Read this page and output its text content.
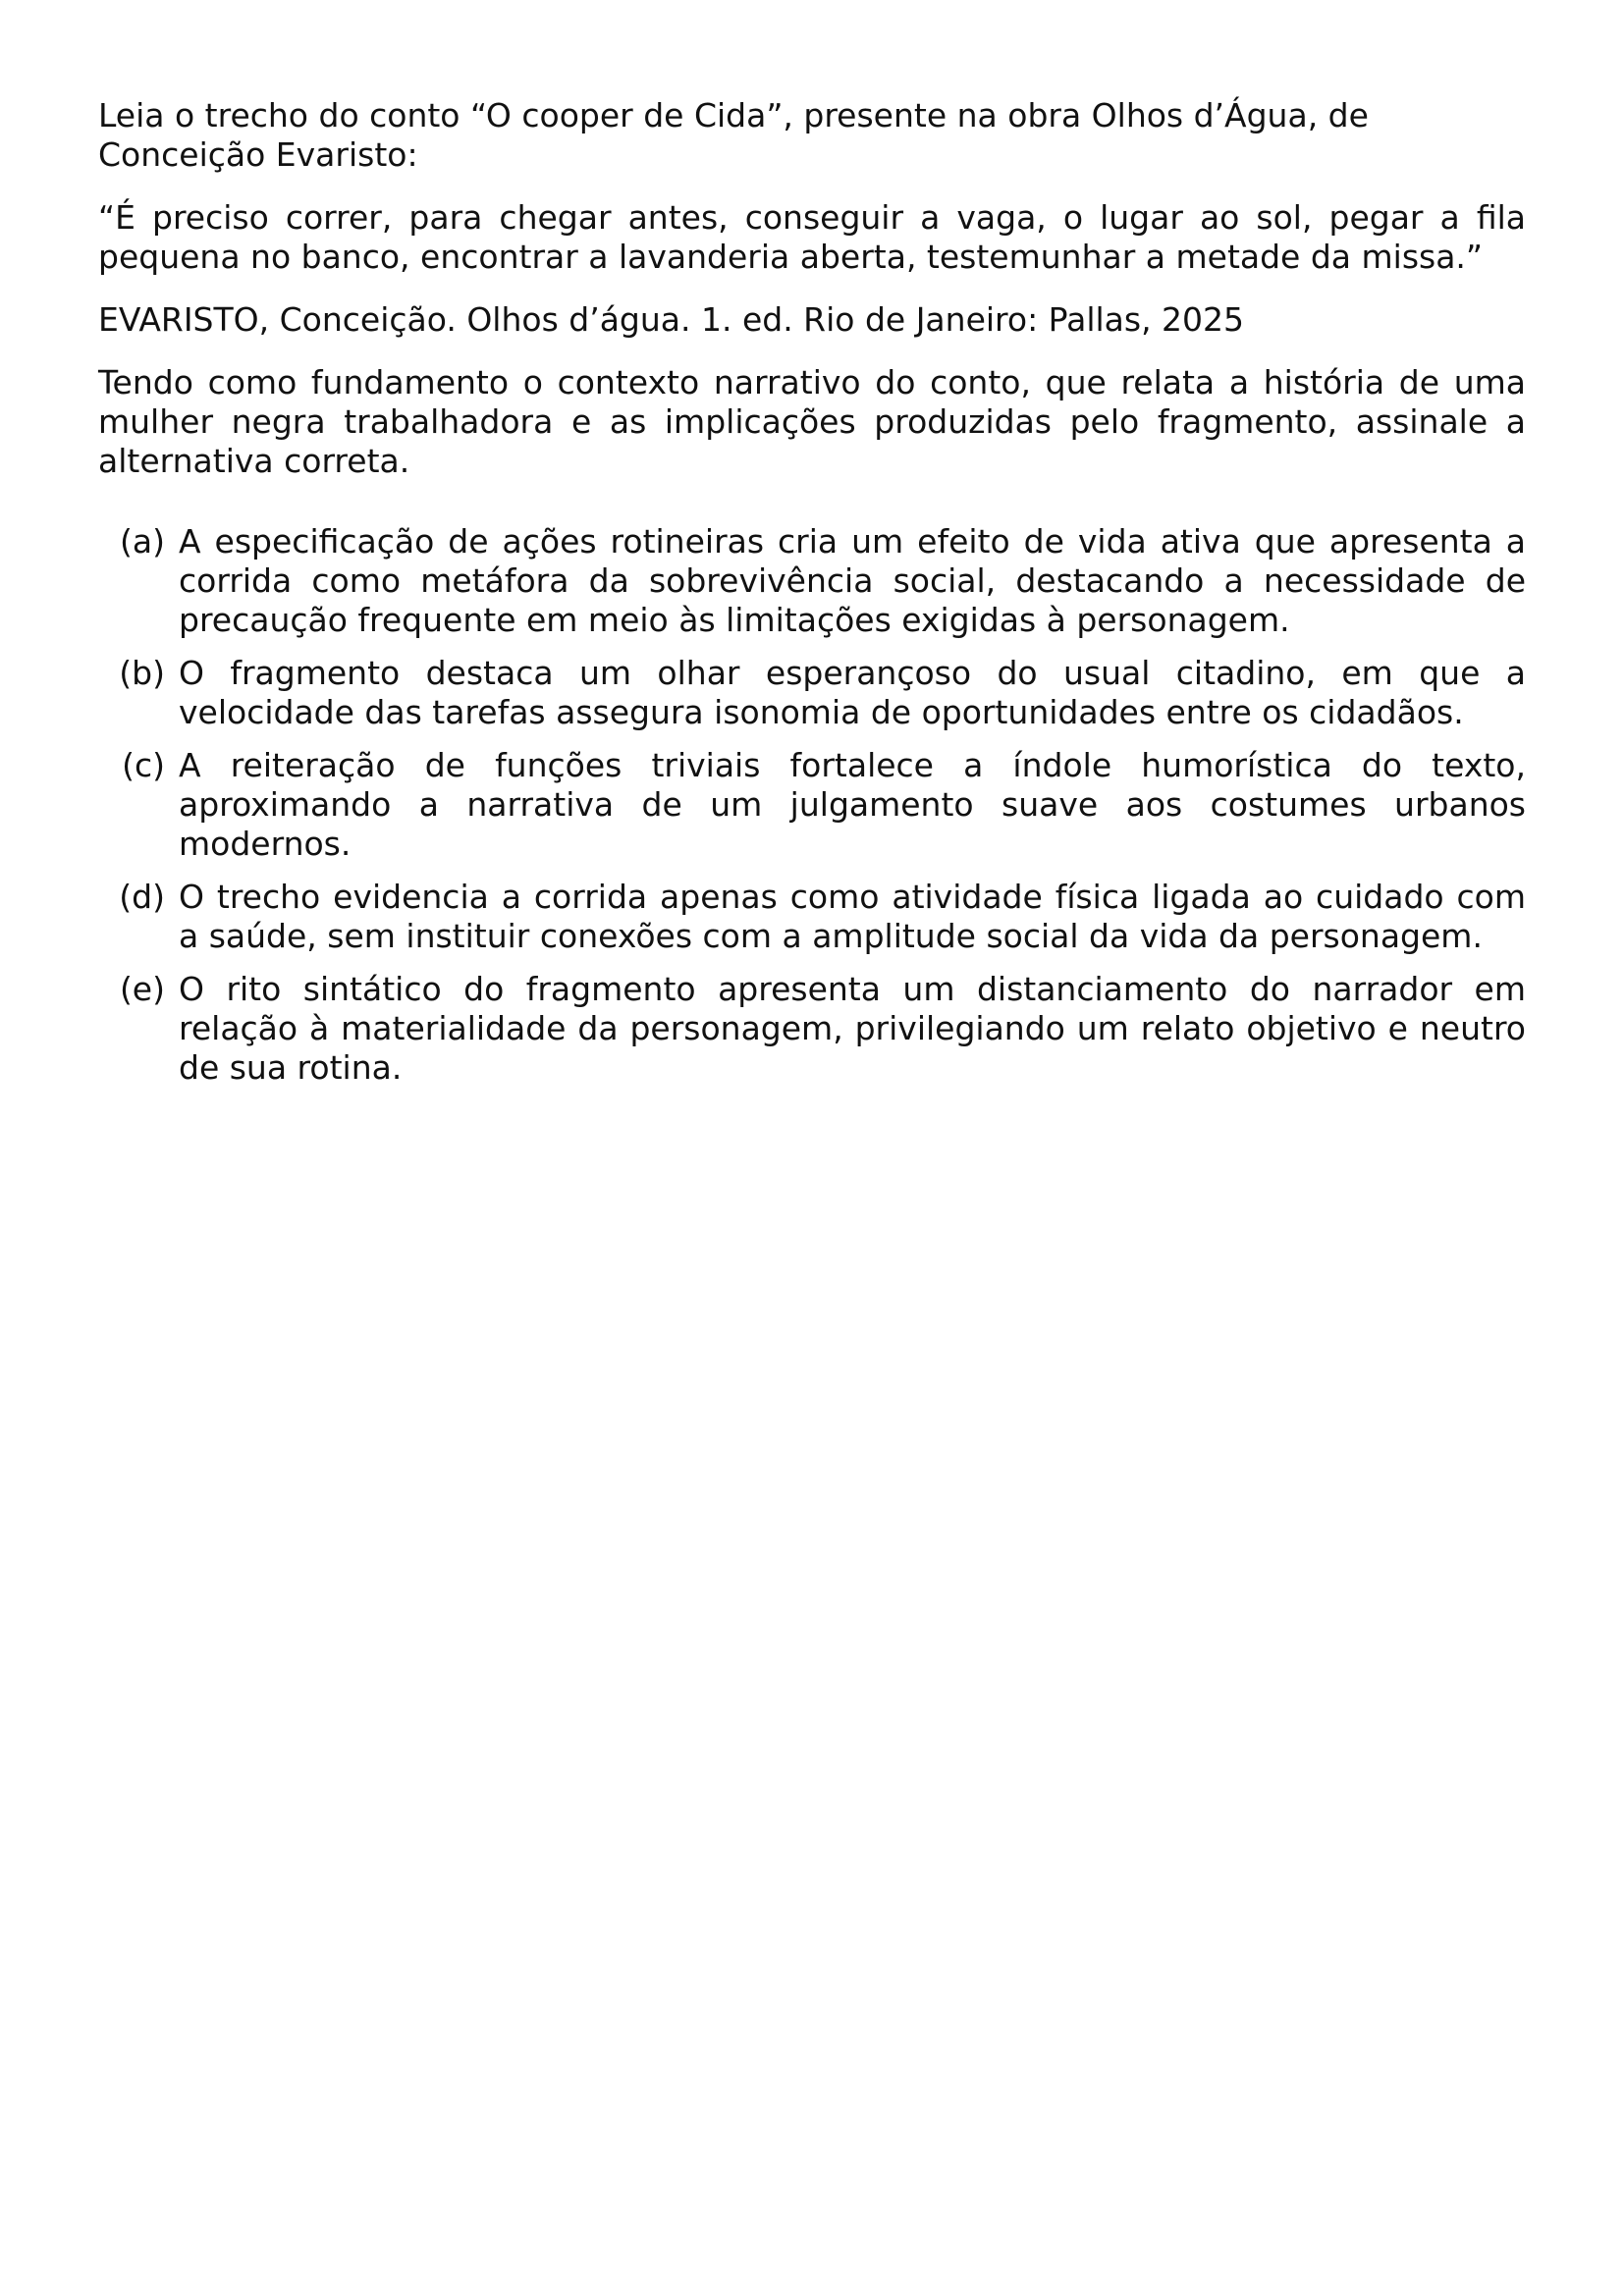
Leia o trecho do conto “O cooper de Cida”, presente na obra Olhos d’Água, de Conceição Evaristo:

“É preciso correr, para chegar antes, conseguir a vaga, o lugar ao sol, pegar a fila pequena no banco, encontrar a lavanderia aberta, testemunhar a metade da missa.”

EVARISTO, Conceição. Olhos d’água. 1. ed. Rio de Janeiro: Pallas, 2025

Tendo como fundamento o contexto narrativo do conto, que relata a história de uma mulher negra trabalhadora e as implicações produzidas pelo fragmento, assinale a alternativa correta.

(a) A especificação de ações rotineiras cria um efeito de vida ativa que apresenta a corrida como metáfora da sobrevivência social, destacando a necessidade de precaução frequente em meio às limitações exigidas à personagem.
(b) O fragmento destaca um olhar esperançoso do usual citadino, em que a velocidade das tarefas assegura isonomia de oportunidades entre os cidadãos.
(c) A reiteração de funções triviais fortalece a índole humorística do texto, aproximando a narrativa de um julgamento suave aos costumes urbanos modernos.
(d) O trecho evidencia a corrida apenas como atividade física ligada ao cuidado com a saúde, sem instituir conexões com a amplitude social da vida da personagem.
(e) O rito sintático do fragmento apresenta um distanciamento do narrador em relação à materialidade da personagem, privilegiando um relato objetivo e neutro de sua rotina.
